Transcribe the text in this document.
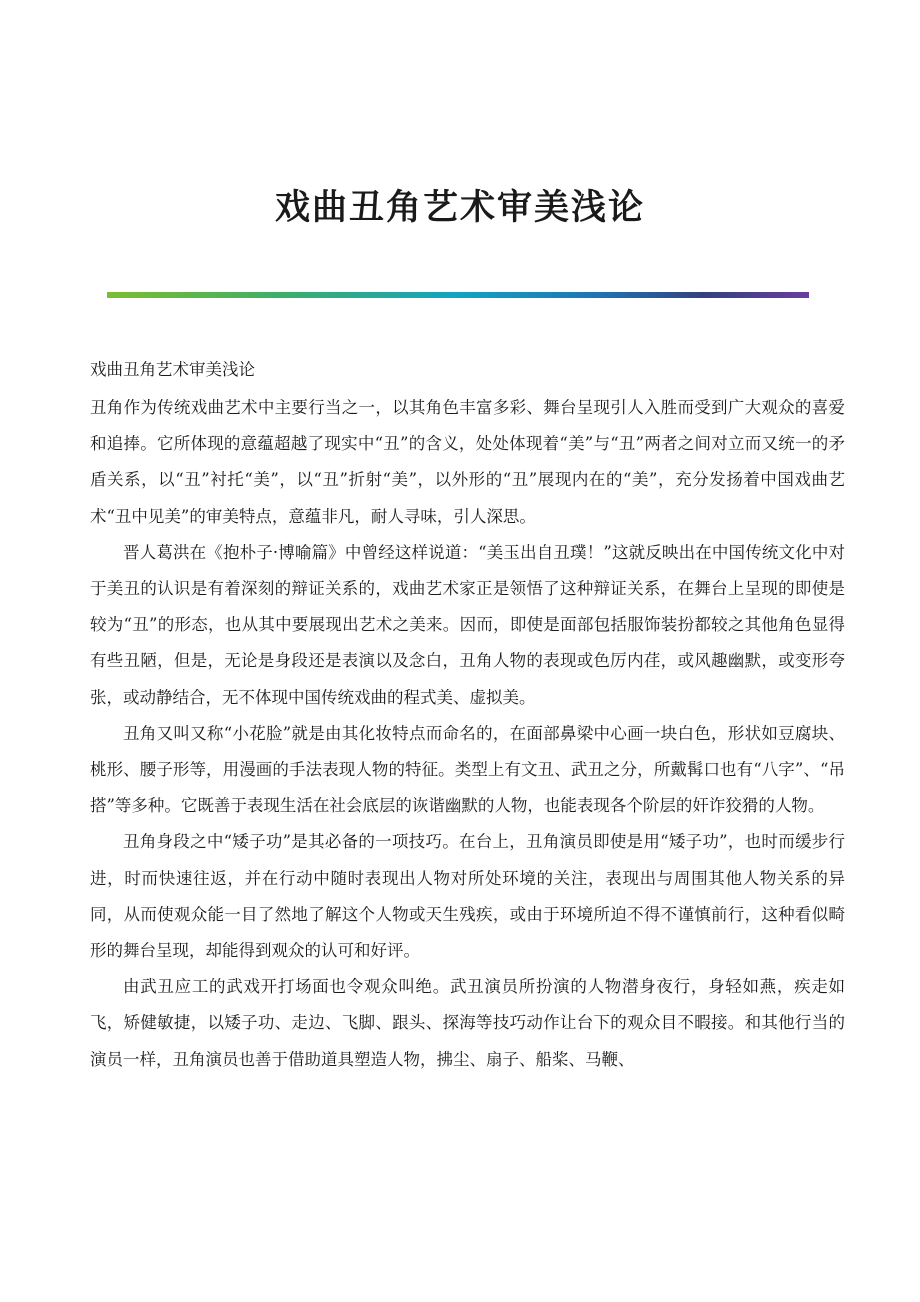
戏曲丑角艺术审美浅论

戏曲丑角艺术审美浅论

丑角作为传统戏曲艺术中主要行当之一，以其角色丰富多彩、舞台呈现引人入胜而受到广大观众的喜爱和追捧。它所体现的意蕴超越了现实中“丑”的含义，处处体现着“美”与“丑”两者之间对立而又统一的矛盾关系，以“丑”衬托“美”，以“丑”折射“美”，以外形的“丑”展现内在的“美”，充分发扬着中国戏曲艺术“丑中见美”的审美特点，意蕴非凡，耐人寻味，引人深思。

晋人葛洪在《抱朴子·博喻篇》中曾经这样说道：“美玉出自丑璞！”这就反映出在中国传统文化中对于美丑的认识是有着深刻的辩证关系的，戏曲艺术家正是领悟了这种辩证关系，在舞台上呈现的即使是较为“丑”的形态，也从其中要展现出艺术之美来。因而，即使是面部包括服饰装扮都较之其他角色显得有些丑陋，但是，无论是身段还是表演以及念白，丑角人物的表现或色厉内荏，或风趣幽默，或变形夸张，或动静结合，无不体现中国传统戏曲的程式美、虚拟美。

丑角又叫又称“小花脸”就是由其化妆特点而命名的，在面部鼻梁中心画一块白色，形状如豆腐块、桃形、腰子形等，用漫画的手法表现人物的特征。类型上有文丑、武丑之分，所戴髯口也有“八字”、“吊搭”等多种。它既善于表现生活在社会底层的诙谐幽默的人物，也能表现各个阶层的奸诈狡猾的人物。

丑角身段之中“矮子功”是其必备的一项技巧。在台上，丑角演员即使是用“矮子功”，也时而缓步行进，时而快速往返，并在行动中随时表现出人物对所处环境的关注，表现出与周围其他人物关系的异同，从而使观众能一目了然地了解这个人物或天生残疾，或由于环境所迫不得不谨慎前行，这种看似畸形的舞台呈现，却能得到观众的认可和好评。

由武丑应工的武戏开打场面也令观众叫绝。武丑演员所扮演的人物潜身夜行，身轻如燕，疾走如飞，矫健敏捷，以矮子功、走边、飞脚、跟头、探海等技巧动作让台下的观众目不暇接。和其他行当的演员一样，丑角演员也善于借助道具塑造人物，拂尘、扇子、船桨、马鞭、
